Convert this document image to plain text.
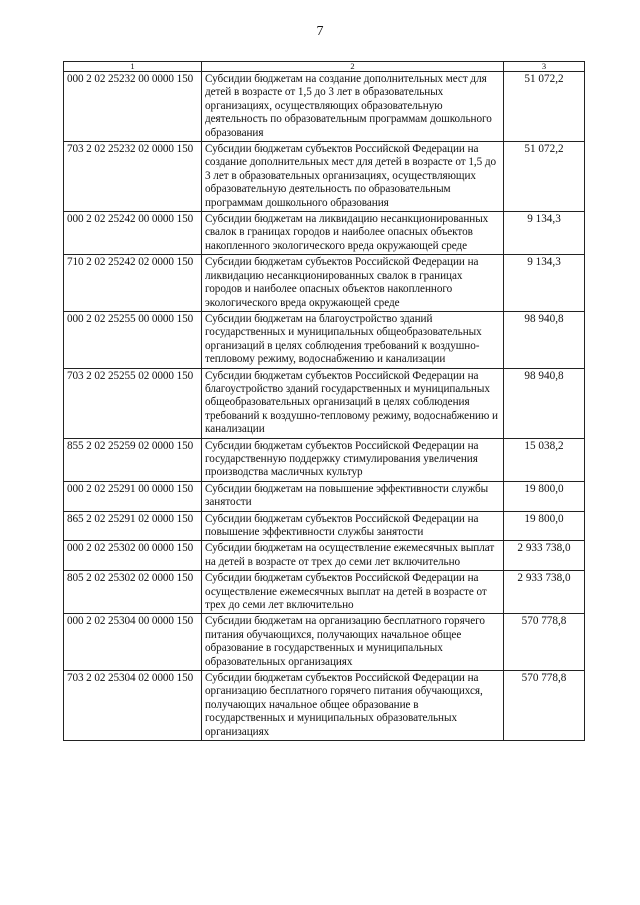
7
1	2	3
000 2 02 25232 00 0000 150	Субсидии бюджетам на создание дополнительных мест для детей в возрасте от 1,5 до 3 лет в образовательных организациях, осуществляющих образовательную деятельность по образовательным программам дошкольного образования	51 072,2
703 2 02 25232 02 0000 150	Субсидии бюджетам субъектов Российской Федерации на создание дополнительных мест для детей в возрасте от 1,5 до 3 лет в образовательных организациях, осуществляющих образовательную деятельность по образовательным программам дошкольного образования	51 072,2
000 2 02 25242 00 0000 150	Субсидии бюджетам на ликвидацию несанкционированных свалок в границах городов и наиболее опасных объектов накопленного экологического вреда окружающей среде	9 134,3
710 2 02 25242 02 0000 150	Субсидии бюджетам субъектов Российской Федерации на ликвидацию несанкционированных свалок в границах городов и наиболее опасных объектов накопленного экологического вреда окружающей среде	9 134,3
000 2 02 25255 00 0000 150	Субсидии бюджетам на благоустройство зданий государственных и муниципальных общеобразовательных организаций в целях соблюдения требований к воздушно-тепловому режиму, водоснабжению и канализации	98 940,8
703 2 02 25255 02 0000 150	Субсидии бюджетам субъектов Российской Федерации на благоустройство зданий государственных и муниципальных общеобразовательных организаций в целях соблюдения требований к воздушно-тепловому режиму, водоснабжению и канализации	98 940,8
855 2 02 25259 02 0000 150	Субсидии бюджетам субъектов Российской Федерации на государственную поддержку стимулирования увеличения производства масличных культур	15 038,2
000 2 02 25291 00 0000 150	Субсидии бюджетам на повышение эффективности службы занятости	19 800,0
865 2 02 25291 02 0000 150	Субсидии бюджетам субъектов Российской Федерации на повышение эффективности службы занятости	19 800,0
000 2 02 25302 00 0000 150	Субсидии бюджетам на осуществление ежемесячных выплат на детей в возрасте от трех до семи лет включительно	2 933 738,0
805 2 02 25302 02 0000 150	Субсидии бюджетам субъектов Российской Федерации на осуществление ежемесячных выплат на детей в возрасте от трех до семи лет включительно	2 933 738,0
000 2 02 25304 00 0000 150	Субсидии бюджетам на организацию бесплатного горячего питания обучающихся, получающих начальное общее образование в государственных и муниципальных образовательных организациях	570 778,8
703 2 02 25304 02 0000 150	Субсидии бюджетам субъектов Российской Федерации на организацию бесплатного горячего питания обучающихся, получающих начальное общее образование в государственных и муниципальных образовательных организациях	570 778,8
